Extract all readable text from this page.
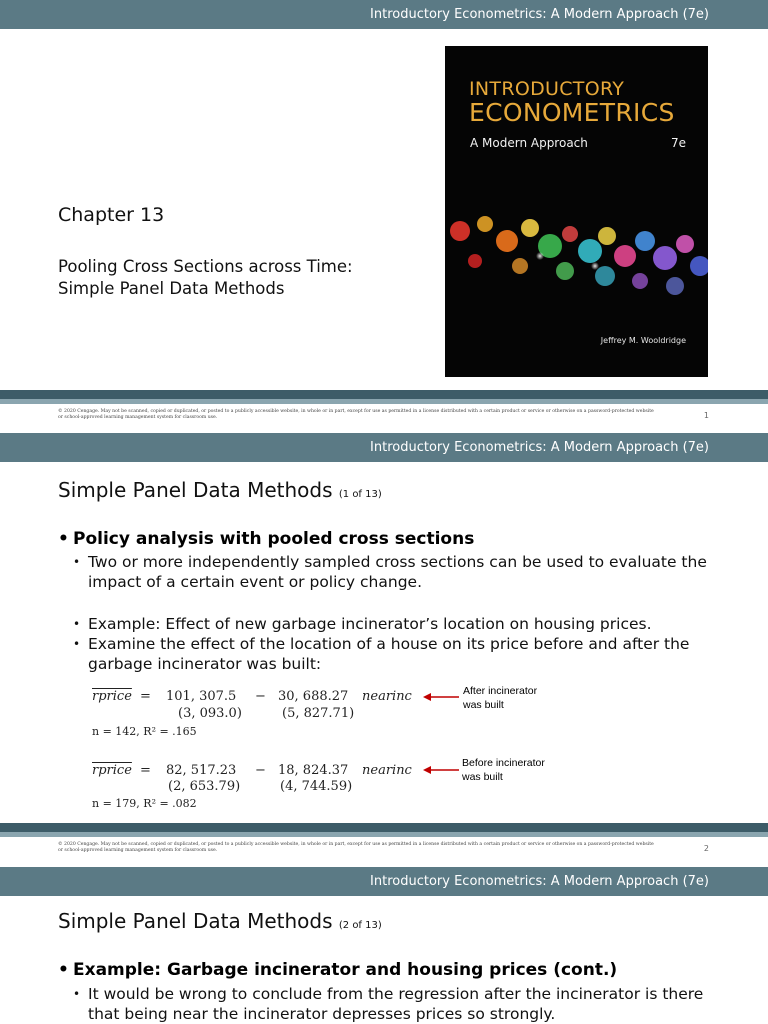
Introductory Econometrics: A Modern Approach (7e)
Chapter 13
Pooling Cross Sections across Time:
Simple Panel Data Methods
INTRODUCTORY
ECONOMETRICS
A Modern Approach	7e
Jeffrey M. Wooldridge
© 2020 Cengage. May not be scanned, copied or duplicated, or posted to a publicly accessible website, in whole or in part, except for use as permitted in a license distributed with a certain product or service or otherwise on a password-protected website or school-approved learning management system for classroom use.	1
Introductory Econometrics: A Modern Approach (7e)
Simple Panel Data Methods (1 of 13)
• Policy analysis with pooled cross sections
• Two or more independently sampled cross sections can be used to evaluate the impact of a certain event or policy change.
• Example: Effect of new garbage incinerator’s location on housing prices.
• Examine the effect of the location of a house on its price before and after the garbage incinerator was built:
rprice = 101, 307.5 − 30, 688.27 nearinc
(3, 093.0)	(5, 827.71)
n = 142, R² = .165
After incinerator
was built
rprice = 82, 517.23 − 18, 824.37 nearinc
(2, 653.79)	(4, 744.59)
n = 179, R² = .082
Before incinerator
was built
© 2020 Cengage. May not be scanned, copied or duplicated, or posted to a publicly accessible website, in whole or in part, except for use as permitted in a license distributed with a certain product or service or otherwise on a password-protected website or school-approved learning management system for classroom use.	2
Introductory Econometrics: A Modern Approach (7e)
Simple Panel Data Methods (2 of 13)
• Example: Garbage incinerator and housing prices (cont.)
• It would be wrong to conclude from the regression after the incinerator is there
that being near the incinerator depresses prices so strongly.
